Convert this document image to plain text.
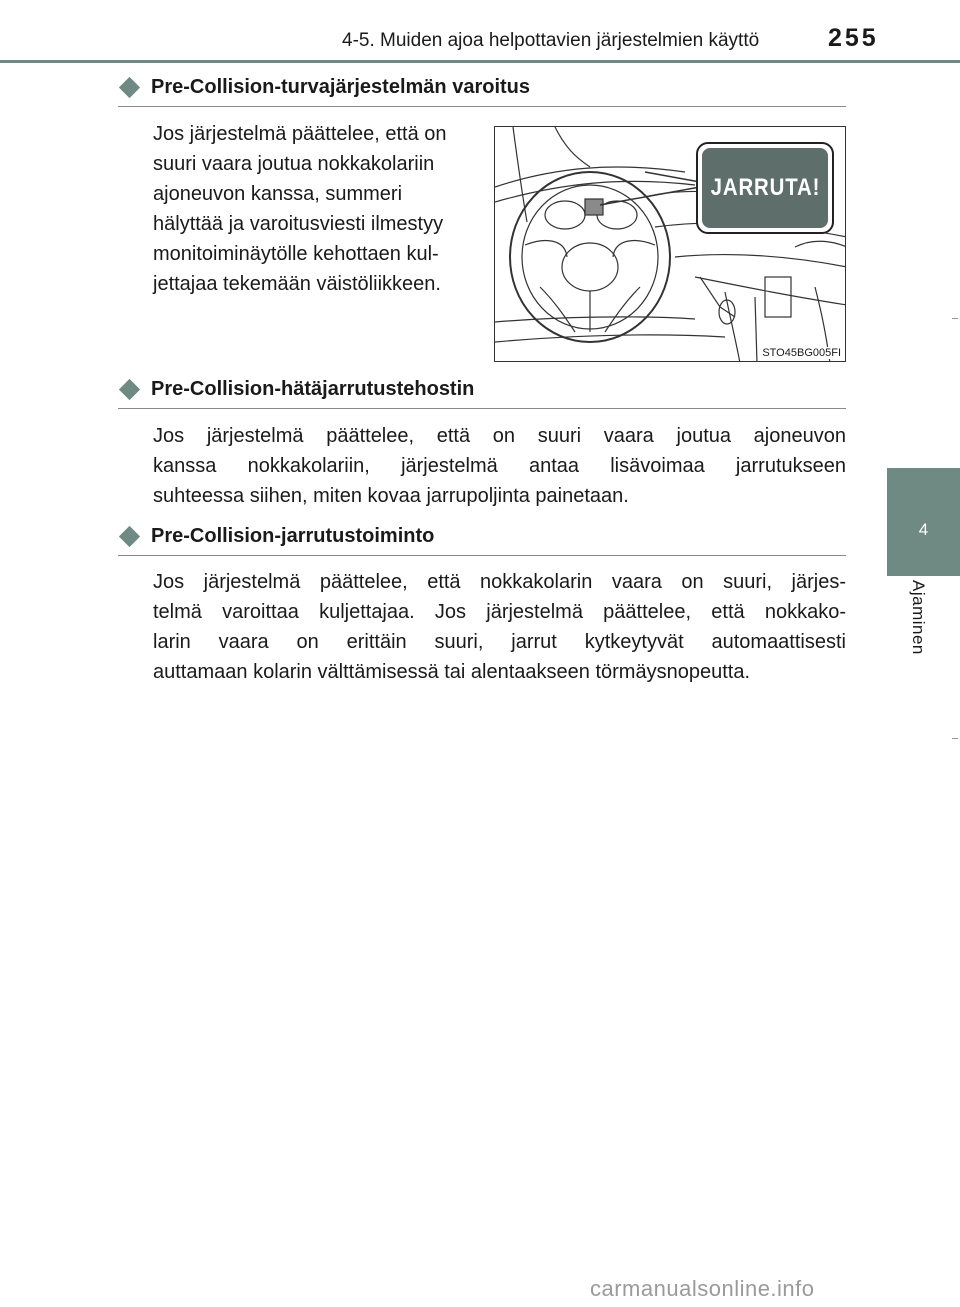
4-5. Muiden ajoa helpottavien järjestelmien käyttö	255
4
Ajaminen
Pre-Collision-turvajärjestelmän varoitus
Jos järjestelmä päättelee, että on
suuri vaara joutua nokkakolariin
ajoneuvon kanssa, summeri
hälyttää ja varoitusviesti ilmestyy
monitoiminäytölle kehottaen kul-
jettajaa tekemään väistöliikkeen.
JARRUTA!
STO45BG005FI
Pre-Collision-hätäjarrutustehostin
Jos järjestelmä päättelee, että on suuri vaara joutua ajoneuvon
kanssa nokkakolariin, järjestelmä antaa lisävoimaa jarrutukseen
suhteessa siihen, miten kovaa jarrupoljinta painetaan.
Pre-Collision-jarrutustoiminto
Jos järjestelmä päättelee, että nokkakolarin vaara on suuri, järjes-
telmä varoittaa kuljettajaa. Jos järjestelmä päättelee, että nokkako-
larin vaara on erittäin suuri, jarrut kytkeytyvät automaattisesti
auttamaan kolarin välttämisessä tai alentaakseen törmäysnopeutta.
carmanualsonline.info
